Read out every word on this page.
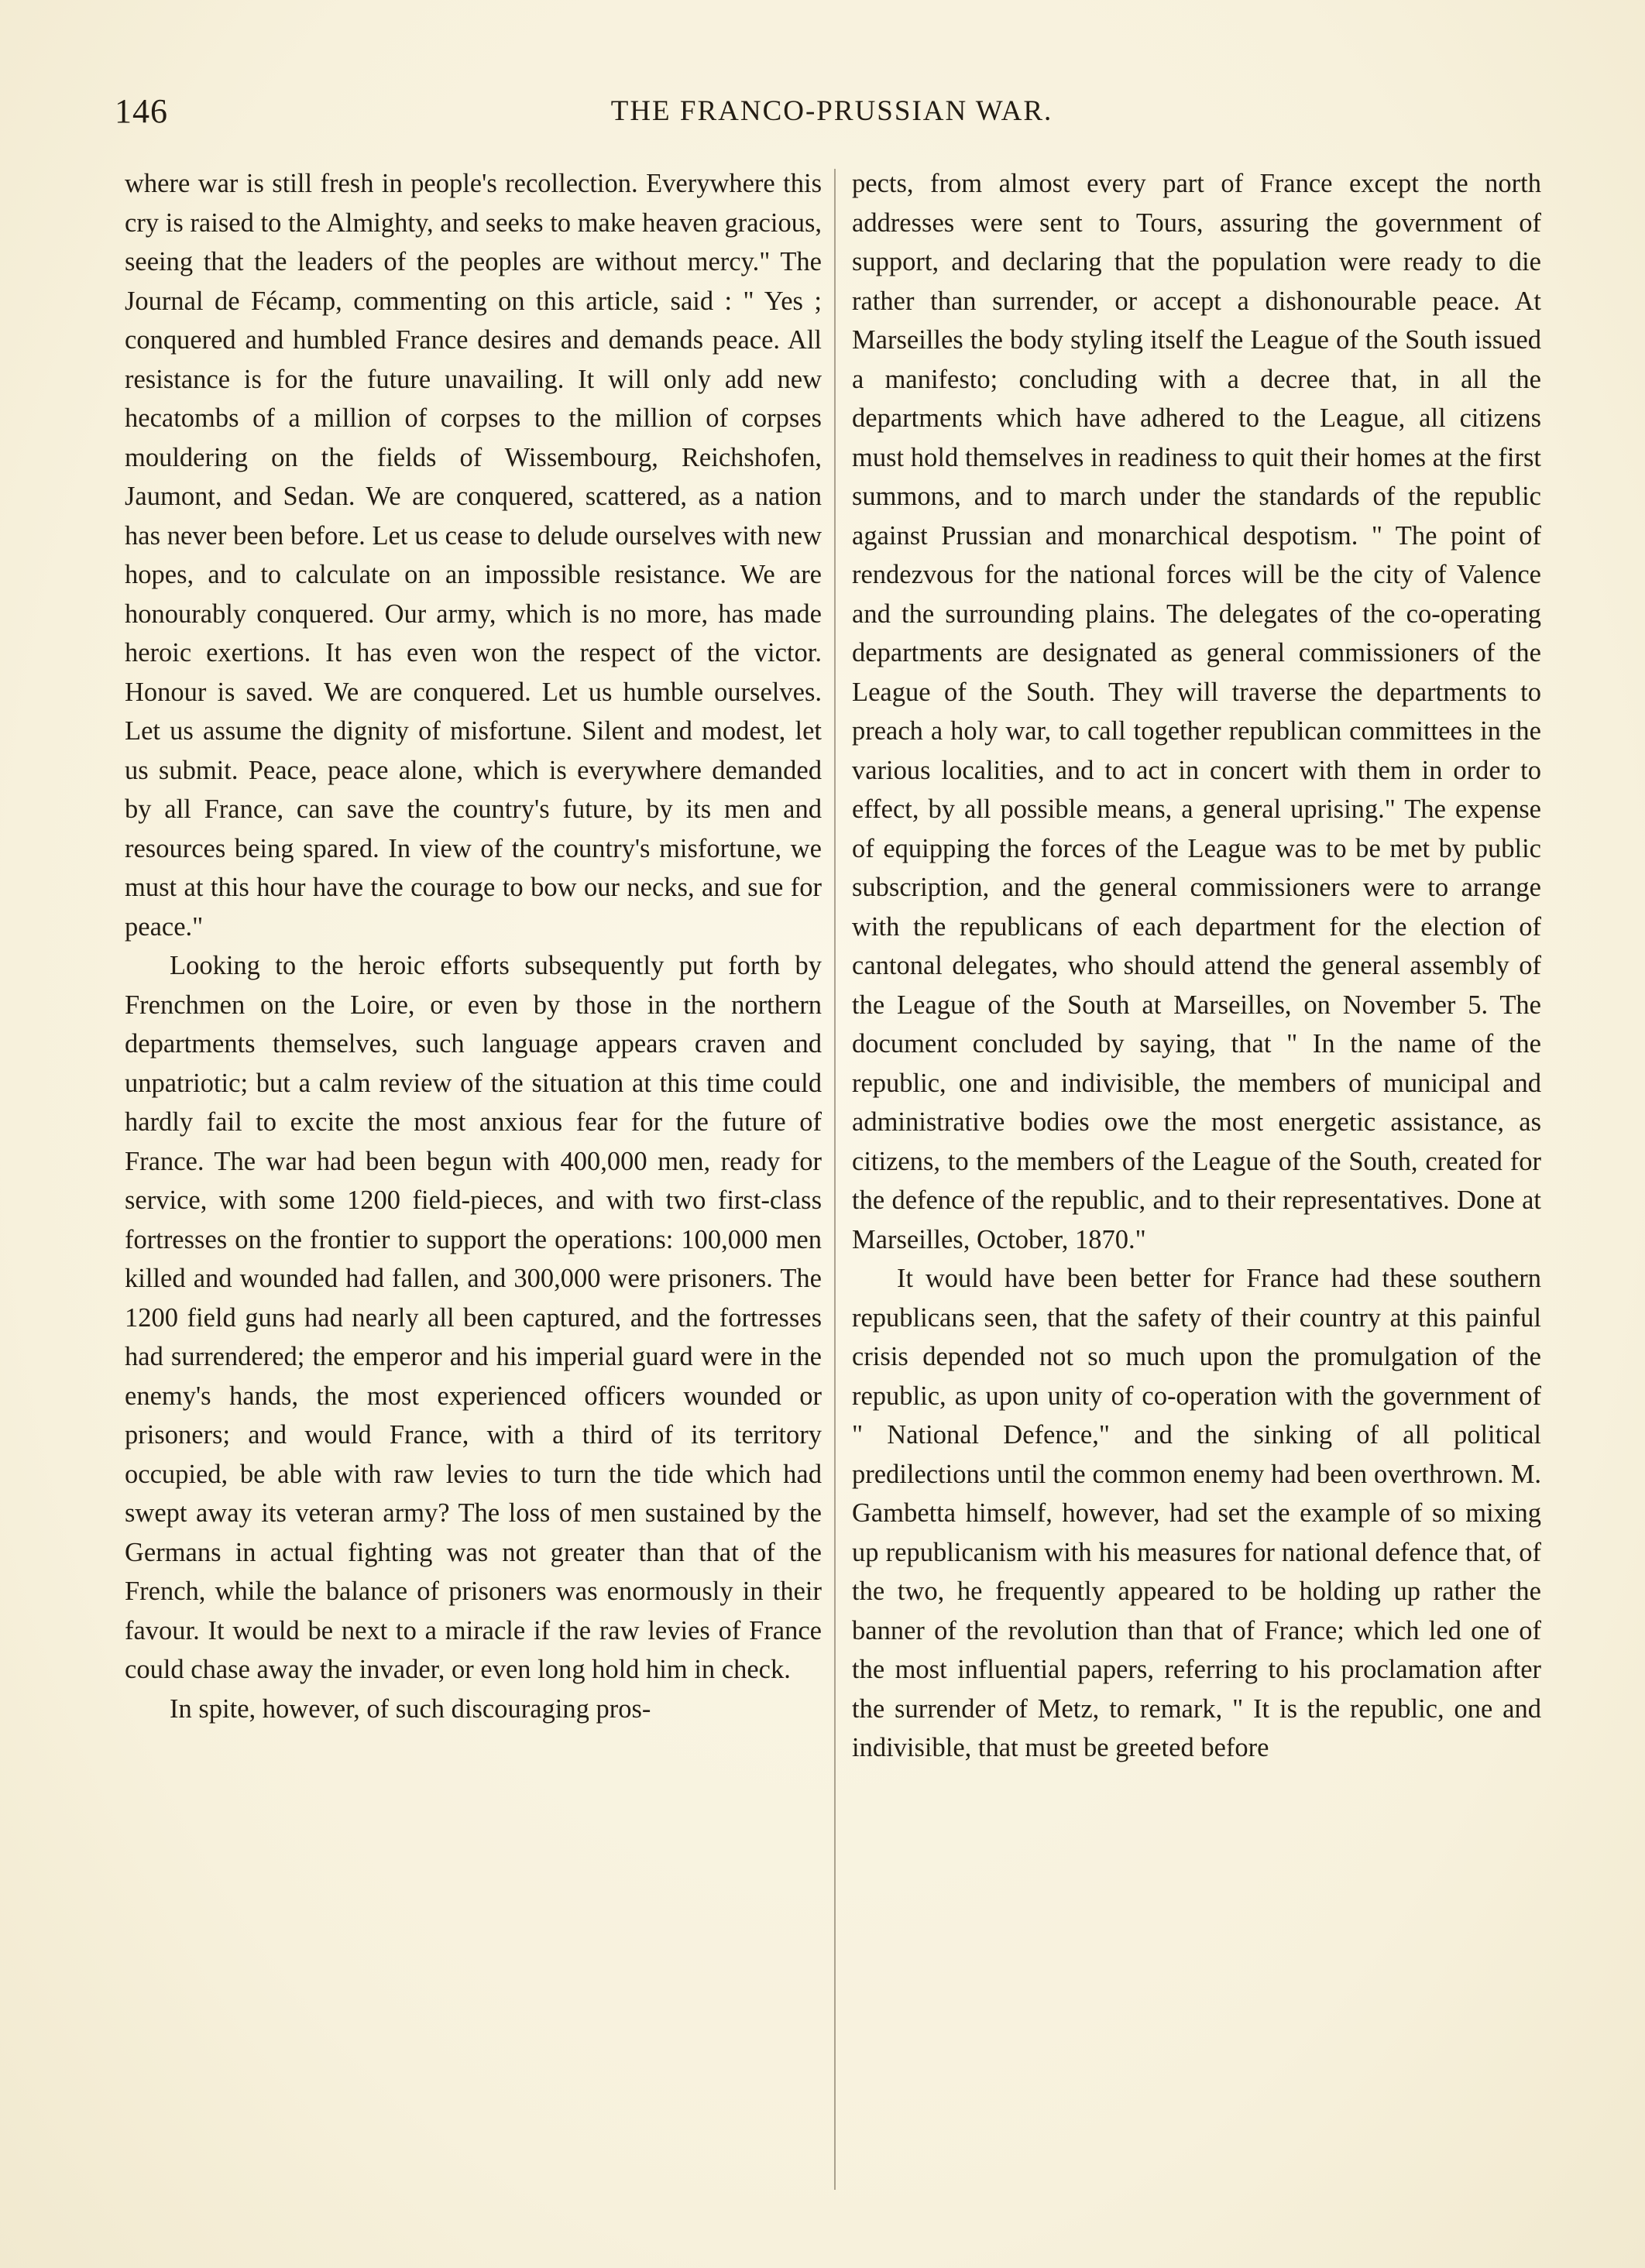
146	THE FRANCO-PRUSSIAN WAR.

where war is still fresh in people's recollection. Everywhere this cry is raised to the Almighty, and seeks to make heaven gracious, seeing that the leaders of the peoples are without mercy." The Journal de Fécamp, commenting on this article, said : " Yes ; conquered and humbled France desires and demands peace. All resistance is for the future unavailing. It will only add new hecatombs of a million of corpses to the million of corpses mouldering on the fields of Wissembourg, Reichshofen, Jaumont, and Sedan. We are conquered, scattered, as a nation has never been before. Let us cease to delude ourselves with new hopes, and to calculate on an impossible resistance. We are honourably conquered. Our army, which is no more, has made heroic exertions. It has even won the respect of the victor. Honour is saved. We are conquered. Let us humble ourselves. Let us assume the dignity of misfortune. Silent and modest, let us submit. Peace, peace alone, which is everywhere demanded by all France, can save the country's future, by its men and resources being spared. In view of the country's misfortune, we must at this hour have the courage to bow our necks, and sue for peace."

Looking to the heroic efforts subsequently put forth by Frenchmen on the Loire, or even by those in the northern departments themselves, such language appears craven and unpatriotic; but a calm review of the situation at this time could hardly fail to excite the most anxious fear for the future of France. The war had been begun with 400,000 men, ready for service, with some 1200 field-pieces, and with two first-class fortresses on the frontier to support the operations: 100,000 men killed and wounded had fallen, and 300,000 were prisoners. The 1200 field guns had nearly all been captured, and the fortresses had surrendered; the emperor and his imperial guard were in the enemy's hands, the most experienced officers wounded or prisoners; and would France, with a third of its territory occupied, be able with raw levies to turn the tide which had swept away its veteran army? The loss of men sustained by the Germans in actual fighting was not greater than that of the French, while the balance of prisoners was enormously in their favour. It would be next to a miracle if the raw levies of France could chase away the invader, or even long hold him in check.

In spite, however, of such discouraging pros-

pects, from almost every part of France except the north addresses were sent to Tours, assuring the government of support, and declaring that the population were ready to die rather than surrender, or accept a dishonourable peace. At Marseilles the body styling itself the League of the South issued a manifesto; concluding with a decree that, in all the departments which have adhered to the League, all citizens must hold themselves in readiness to quit their homes at the first summons, and to march under the standards of the republic against Prussian and monarchical despotism. " The point of rendezvous for the national forces will be the city of Valence and the surrounding plains. The delegates of the co-operating departments are designated as general commissioners of the League of the South. They will traverse the departments to preach a holy war, to call together republican committees in the various localities, and to act in concert with them in order to effect, by all possible means, a general uprising." The expense of equipping the forces of the League was to be met by public subscription, and the general commissioners were to arrange with the republicans of each department for the election of cantonal delegates, who should attend the general assembly of the League of the South at Marseilles, on November 5. The document concluded by saying, that " In the name of the republic, one and indivisible, the members of municipal and administrative bodies owe the most energetic assistance, as citizens, to the members of the League of the South, created for the defence of the republic, and to their representatives. Done at Marseilles, October, 1870."

It would have been better for France had these southern republicans seen, that the safety of their country at this painful crisis depended not so much upon the promulgation of the republic, as upon unity of co-operation with the government of " National Defence," and the sinking of all political predilections until the common enemy had been overthrown. M. Gambetta himself, however, had set the example of so mixing up republicanism with his measures for national defence that, of the two, he frequently appeared to be holding up rather the banner of the revolution than that of France; which led one of the most influential papers, referring to his proclamation after the surrender of Metz, to remark, " It is the republic, one and indivisible, that must be greeted before
